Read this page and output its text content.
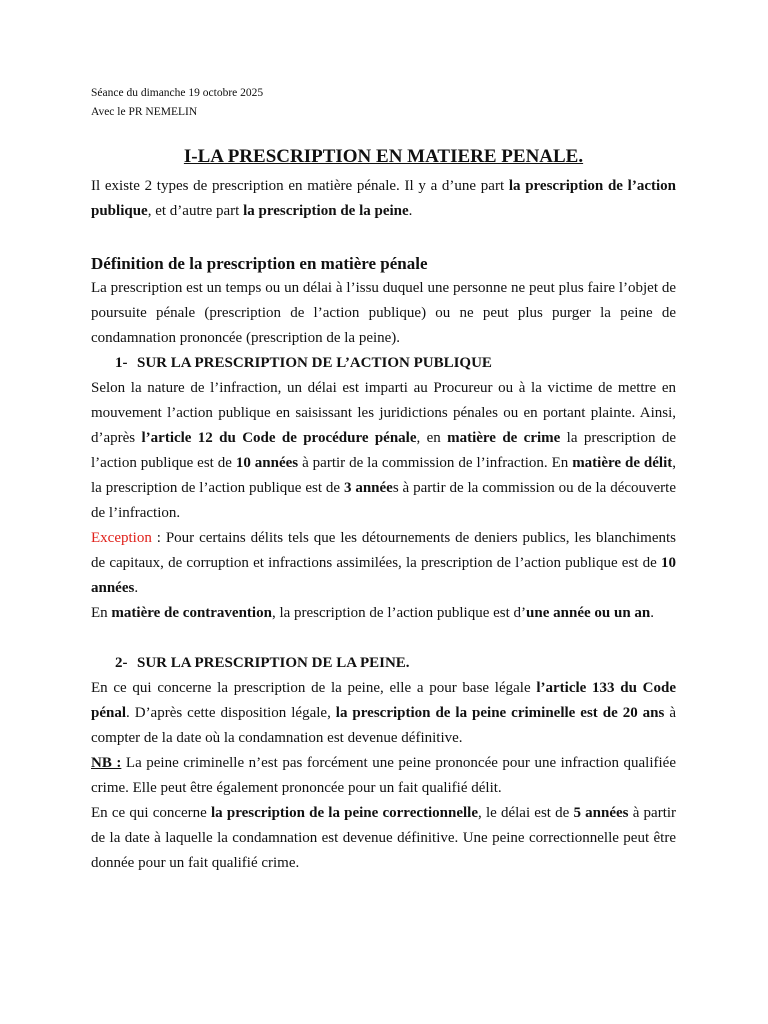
Séance du dimanche 19 octobre 2025
Avec le PR NEMELIN
I-LA PRESCRIPTION EN MATIERE PENALE.

Il existe 2 types de prescription en matière pénale. Il y a d’une part la prescription de l’action publique, et d’autre part la prescription de la peine.

Définition de la prescription en matière pénale

La prescription est un temps ou un délai à l’issu duquel une personne ne peut plus faire l’objet de poursuite pénale (prescription de l’action publique) ou ne peut plus purger la peine de condamnation prononcée (prescription de la peine).

1- SUR LA PRESCRIPTION DE L’ACTION PUBLIQUE

Selon la nature de l’infraction, un délai est imparti au Procureur ou à la victime de mettre en mouvement l’action publique en saisissant les juridictions pénales ou en portant plainte. Ainsi, d’après l’article 12 du Code de procédure pénale, en matière de crime la prescription de l’action publique est de 10 années à partir de la commission de l’infraction. En matière de délit, la prescription de l’action publique est de 3 années à partir de la commission ou de la découverte de l’infraction.

Exception : Pour certains délits tels que les détournements de deniers publics, les blanchiments de capitaux, de corruption et infractions assimilées, la prescription de l’action publique est de 10 années.

En matière de contravention, la prescription de l’action publique est d’une année ou un an.

2- SUR LA PRESCRIPTION DE LA PEINE.

En ce qui concerne la prescription de la peine, elle a pour base légale l’article 133 du Code pénal. D’après cette disposition légale, la prescription de la peine criminelle est de 20 ans à compter de la date où la condamnation est devenue définitive.

NB : La peine criminelle n’est pas forcément une peine prononcée pour une infraction qualifiée crime. Elle peut être également prononcée pour un fait qualifié délit.

En ce qui concerne la prescription de la peine correctionnelle, le délai est de 5 années à partir de la date à laquelle la condamnation est devenue définitive. Une peine correctionnelle peut être donnée pour un fait qualifié crime.
